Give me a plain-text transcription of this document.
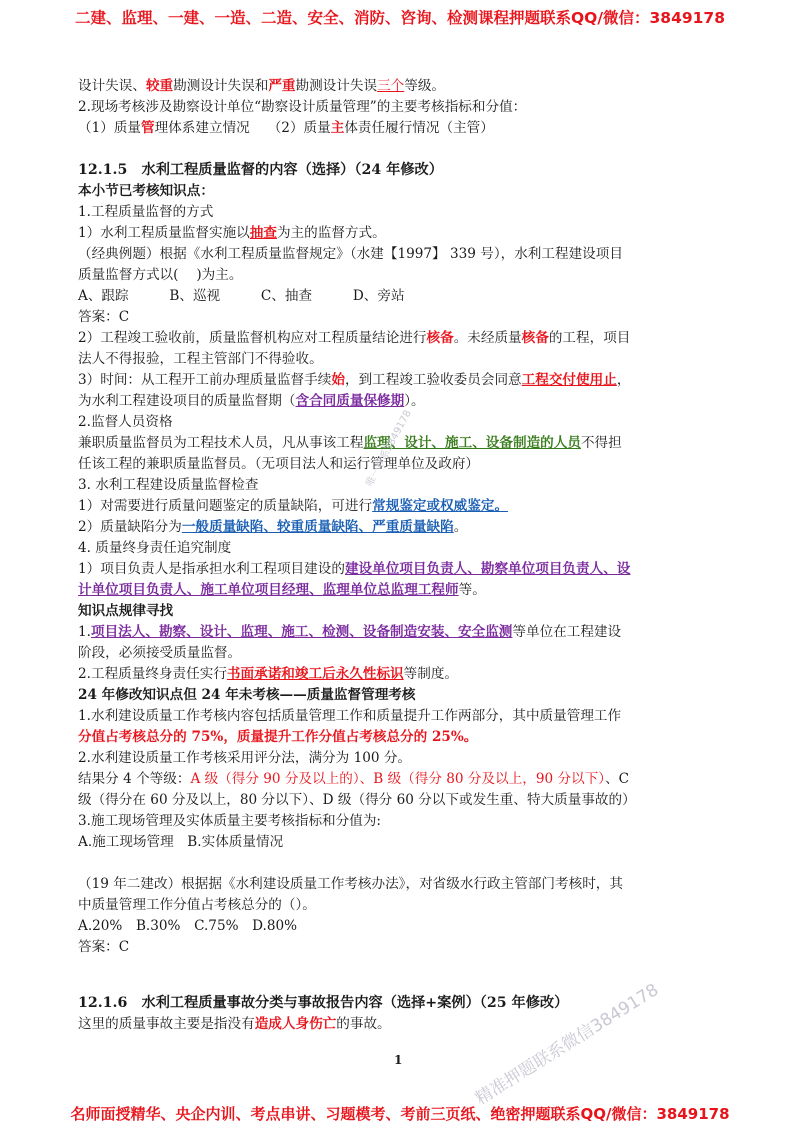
二建、监理、一建、一造、二造、安全、消防、咨询、检测课程押题联系QQ/微信：3849178
设计失误、较重勘测设计失误和严重勘测设计失误三个等级。
2.现场考核涉及勘察设计单位“勘察设计质量管理”的主要考核指标和分值：
（1）质量管理体系建立情况　 （2）质量主体责任履行情况（主管）
12.1.5　水利工程质量监督的内容（选择）（24 年修改）
本小节已考核知识点：
1.工程质量监督的方式
1）水利工程质量监督实施以抽查为主的监督方式。
（经典例题）根据《水利工程质量监督规定》（水建【1997】 339 号），水利工程建设项目
质量监督方式以(　 )为主。
A、跟踪　　　B、巡视　　　C、抽查　　　D、旁站
答案：C
2）工程竣工验收前，质量监督机构应对工程质量结论进行核备。未经质量核备的工程，项目
法人不得报验，工程主管部门不得验收。
3）时间：从工程开工前办理质量监督手续始，到工程竣工验收委员会同意工程交付使用止，
为水利工程建设项目的质量监督期（含合同质量保修期）。
2.监督人员资格
兼职质量监督员为工程技术人员，凡从事该工程监理、设计、施工、设备制造的人员不得担
任该工程的兼职质量监督员。（无项目法人和运行管理单位及政府）
3. 水利工程建设质量监督检查
1）对需要进行质量问题鉴定的质量缺陷，可进行常规鉴定或权威鉴定。
2）质量缺陷分为一般质量缺陷、较重质量缺陷、严重质量缺陷。
4. 质量终身责任追究制度
1）项目负责人是指承担水利工程项目建设的建设单位项目负责人、勘察单位项目负责人、设
计单位项目负责人、施工单位项目经理、监理单位总监理工程师等。
知识点规律寻找
1.项目法人、勘察、设计、监理、施工、检测、设备制造安装、安全监测等单位在工程建设
阶段，必须接受质量监督。
2.工程质量终身责任实行书面承诺和竣工后永久性标识等制度。
24 年修改知识点但 24 年未考核——质量监督管理考核
1.水利建设质量工作考核内容包括质量管理工作和质量提升工作两部分，其中质量管理工作
分值占考核总分的 75%，质量提升工作分值占考核总分的 25%。
2.水利建设质量工作考核采用评分法，满分为 100 分。
结果分 4 个等级：A 级（得分 90 分及以上的）、B 级（得分 80 分及以上，90 分以下）、C
级（得分在 60 分及以上，80 分以下）、D 级（得分 60 分以下或发生重、特大质量事故的）
3.施工现场管理及实体质量主要考核指标和分值为:
A.施工现场管理　B.实体质量情况
（19 年二建改）根据据《水利建设质量工作考核办法》，对省级水行政主管部门考核时，其
中质量管理工作分值占考核总分的（）。
A.20%　B.30%　C.75%　D.80%
答案：C
12.1.6　水利工程质量事故分类与事故报告内容（选择+案例）（25 年修改）
这里的质量事故主要是指没有造成人身伤亡的事故。
唯一联系3849178
精准押题联系微信3849178
1
名师面授精华、央企内训、考点串讲、习题模考、考前三页纸、绝密押题联系QQ/微信：3849178
